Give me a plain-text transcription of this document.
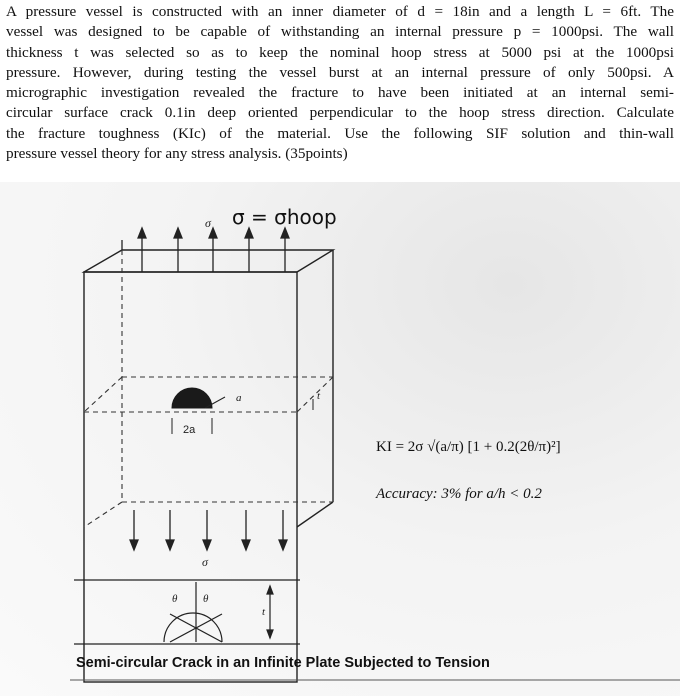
A pressure vessel is constructed with an inner diameter of d = 18in and a length L = 6ft. The
vessel was designed to be capable of withstanding an internal pressure p = 1000psi. The wall
thickness t was selected so as to keep the nominal hoop stress at 5000 psi at the 1000psi
pressure. However, during testing the vessel burst at an internal pressure of only 500psi. A
micrographic investigation revealed the fracture to have been initiated at an internal semi-
circular surface crack 0.1in deep oriented perpendicular to the hoop stress direction. Calculate
the fracture toughness (KIc) of the material. Use the following SIF solution and thin-wall
pressure vessel theory for any stress analysis. (35points)
σ
σ
a	t
t
θ θ
2a
σ = σhoop
KI = 2σ √(a/π) [1 + 0.2(2θ/π)²]
Accuracy: 3% for a/h < 0.2
Semi-circular Crack in an Infinite Plate Subjected to Tension
